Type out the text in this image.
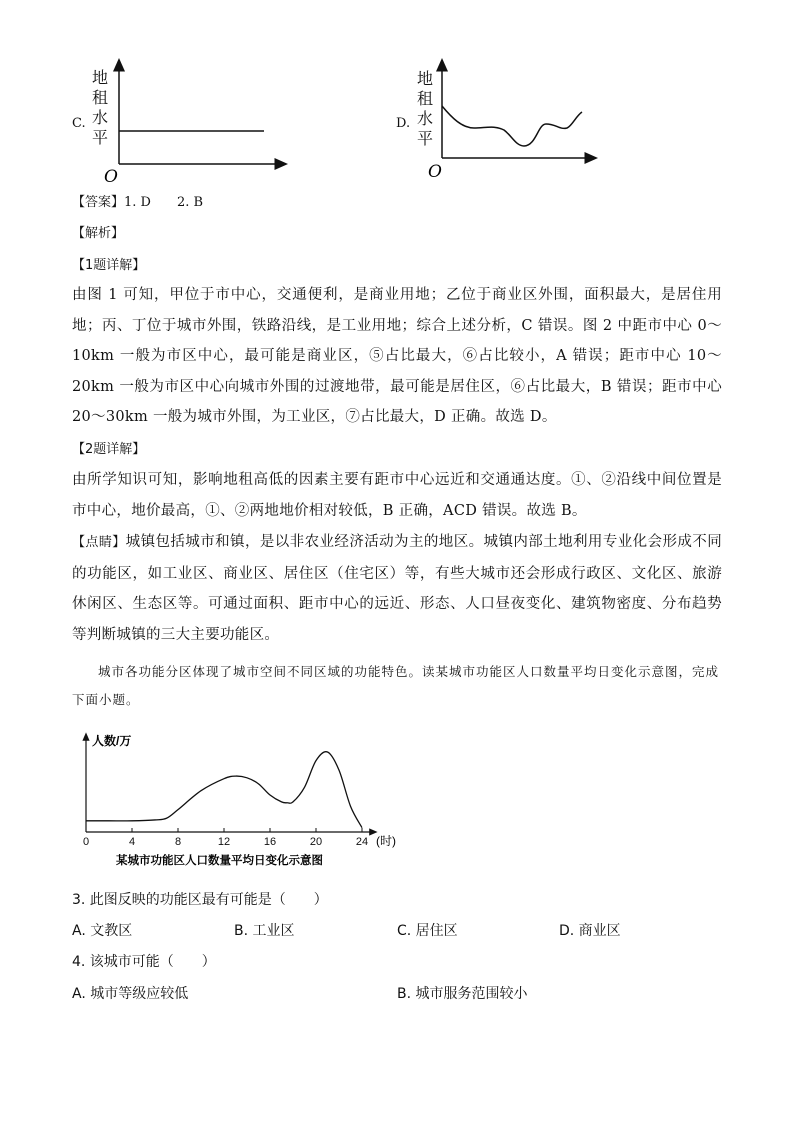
C.
地
租
水
平
O
D.
地
租
水
平
O
【答案】1. D　　2. B
【解析】
【1题详解】

由图 1 可知，甲位于市中心，交通便利，是商业用地；乙位于商业区外围，面积最大，是居住用地；丙、丁位于城市外围，铁路沿线，是工业用地；综合上述分析，C 错误。图 2 中距市中心 0～10km 一般为市区中心，最可能是商业区，⑤占比最大，⑥占比较小，A 错误；距市中心 10～20km 一般为市区中心向城市外围的过渡地带，最可能是居住区，⑥占比最大，B 错误；距市中心 20～30km 一般为城市外围，为工业区，⑦占比最大，D 正确。故选 D。

【2题详解】

由所学知识可知，影响地租高低的因素主要有距市中心远近和交通通达度。①、②沿线中间位置是市中心，地价最高，①、②两地地价相对较低，B 正确，ACD 错误。故选 B。

【点睛】城镇包括城市和镇，是以非农业经济活动为主的地区。城镇内部土地利用专业化会形成不同的功能区，如工业区、商业区、居住区（住宅区）等，有些大城市还会形成行政区、文化区、旅游休闲区、生态区等。可通过面积、距市中心的远近、形态、人口昼夜变化、建筑物密度、分布趋势等判断城镇的三大主要功能区。

城市各功能分区体现了城市空间不同区域的功能特色。读某城市功能区人口数量平均日变化示意图，完成下面小题。

人数/万
0	4	8	12	16	20	24 (时)
某城市功能区人口数量平均日变化示意图
3. 此图反映的功能区最有可能是（　　）
A. 文教区	B. 工业区	C. 居住区	D. 商业区
4. 该城市可能（　　）
A. 城市等级应较低	B. 城市服务范围较小
